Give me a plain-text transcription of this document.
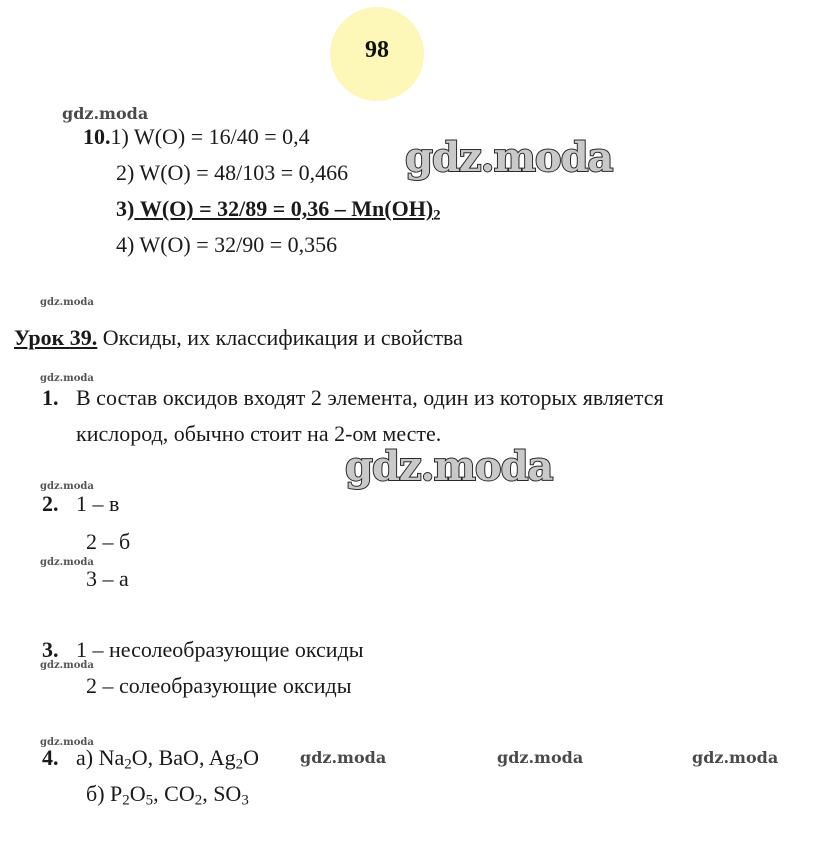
98
gdz.moda
gdz.moda
gdz.moda
gdz.moda
gdz.moda
gdz.moda
gdz.moda
gdz.moda
gdz.moda
gdz.moda	gdz.moda	gdz.moda
10.1) W(O) = 16/40 = 0,4
2) W(O) = 48/103 = 0,466
3) $W(O) = 32/89 = 0,36 - Mn(OH)_2$
4) W(O) = 32/90 = 0,356
Урок 39. Оксиды, их классификация и свойства
1. В состав оксидов входят 2 элемента, один из которых является
кислород, обычно стоит на 2-ом месте.
2. 1 – в
2 – б
3 – а
3. 1 – несолеобразующие оксиды
2 – солеобразующие оксиды
4. а) $Na_2O$, BaO, $Ag_2O$
б) $P_2O_5$, $CO_2$, $SO_3$
